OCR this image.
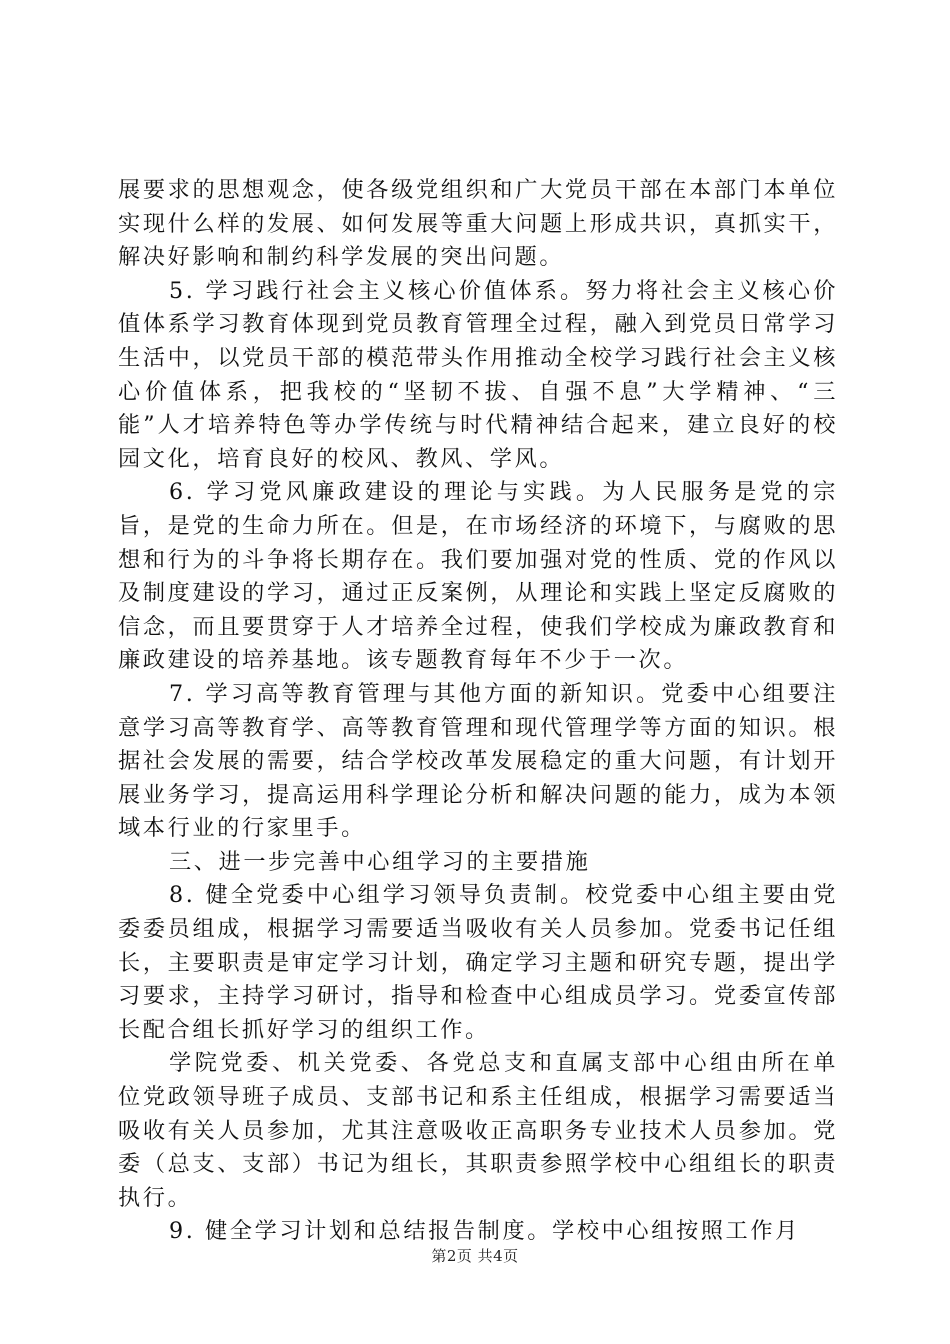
展要求的思想观念，使各级党组织和广大党员干部在本部门本单位实现什么样的发展、如何发展等重大问题上形成共识，真抓实干，解决好影响和制约科学发展的突出问题。

5. 学习践行社会主义核心价值体系。努力将社会主义核心价值体系学习教育体现到党员教育管理全过程，融入到党员日常学习生活中，以党员干部的模范带头作用推动全校学习践行社会主义核心价值体系，把我校的“坚韧不拔、自强不息”大学精神、“三能”人才培养特色等办学传统与时代精神结合起来，建立良好的校园文化，培育良好的校风、教风、学风。

6. 学习党风廉政建设的理论与实践。为人民服务是党的宗旨，是党的生命力所在。但是，在市场经济的环境下，与腐败的思想和行为的斗争将长期存在。我们要加强对党的性质、党的作风以及制度建设的学习，通过正反案例，从理论和实践上坚定反腐败的信念，而且要贯穿于人才培养全过程，使我们学校成为廉政教育和廉政建设的培养基地。该专题教育每年不少于一次。

7. 学习高等教育管理与其他方面的新知识。党委中心组要注意学习高等教育学、高等教育管理和现代管理学等方面的知识。根据社会发展的需要，结合学校改革发展稳定的重大问题，有计划开展业务学习，提高运用科学理论分析和解决问题的能力，成为本领域本行业的行家里手。

三、进一步完善中心组学习的主要措施

8. 健全党委中心组学习领导负责制。校党委中心组主要由党委委员组成，根据学习需要适当吸收有关人员参加。党委书记任组长，主要职责是审定学习计划，确定学习主题和研究专题，提出学习要求，主持学习研讨，指导和检查中心组成员学习。党委宣传部长配合组长抓好学习的组织工作。

学院党委、机关党委、各党总支和直属支部中心组由所在单位党政领导班子成员、支部书记和系主任组成，根据学习需要适当吸收有关人员参加，尤其注意吸收正高职务专业技术人员参加。党委（总支、支部）书记为组长，其职责参照学校中心组组长的职责执行。

9. 健全学习计划和总结报告制度。学校中心组按照工作月

第2页 共4页
